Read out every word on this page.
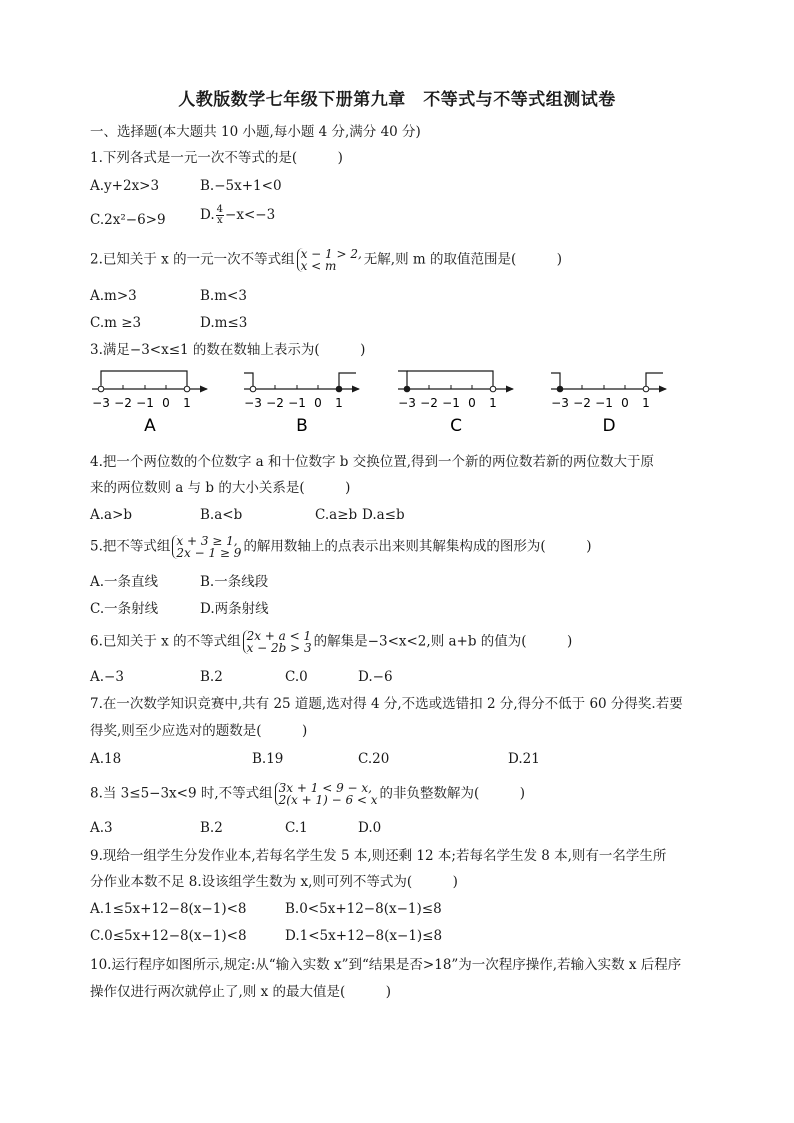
人教版数学七年级下册第九章　不等式与不等式组测试卷
一、选择题(本大题共 10 小题,每小题 4 分,满分 40 分)
1.下列各式是一元一次不等式的是(　　　)
A.y+2x>3	B.−5x+1<0
C.2x²−6>9	D. $\frac{4}{x} -x<-3$
2.已知关于 x 的一元一次不等式组 x − 1 > 2,
x < m 无解,则 m 的取值范围是(　　　)
A.m>3	B.m<3
C.m ≥3	D.m≤3
3.满足−3<x≤1 的数在数轴上表示为(　　　)
−3 −2 −1 0 1
A
−3 −2 −1 0 1
B
−3 −2 −1 0 1
C
−3 −2 −1 0 1
D
4.把一个两位数的个位数字 a 和十位数字 b 交换位置,得到一个新的两位数若新的两位数大于原
来的两位数则 a 与 b 的大小关系是(　　　)
A.a>b	B.a<b	C.a≥b D.a≤b
5.把不等式组 x + 3 ≥ 1,
2x − 1 ≥ 9 的解用数轴上的点表示出来则其解集构成的图形为(　　　)
A.一条直线	B.一条线段
C.一条射线	D.两条射线
6.已知关于 x 的不等式组 2x + a < 1
x − 2b > 3 的解集是−3<x<2,则 a+b 的值为(　　　)
A.−3	B.2	C.0	D.−6
7.在一次数学知识竞赛中,共有 25 道题,选对得 4 分,不选或选错扣 2 分,得分不低于 60 分得奖.若要
得奖,则至少应选对的题数是(　　　)
A.18	B.19	C.20	D.21
8.当 3≤5−3x<9 时,不等式组 3x + 1 < 9 − x,
2(x + 1) − 6 < x 的非负整数解为(　　　)
A.3	B.2	C.1	D.0
9.现给一组学生分发作业本,若每名学生发 5 本,则还剩 12 本;若每名学生发 8 本,则有一名学生所
分作业本数不足 8.设该组学生数为 x,则可列不等式为(　　　)
A.1≤5x+12−8(x−1)<8	B.0<5x+12−8(x−1)≤8
C.0≤5x+12−8(x−1)<8	D.1<5x+12−8(x−1)≤8
10.运行程序如图所示,规定:从“输入实数 x”到“结果是否>18”为一次程序操作,若输入实数 x 后程序
操作仅进行两次就停止了,则 x 的最大值是(　　　)
